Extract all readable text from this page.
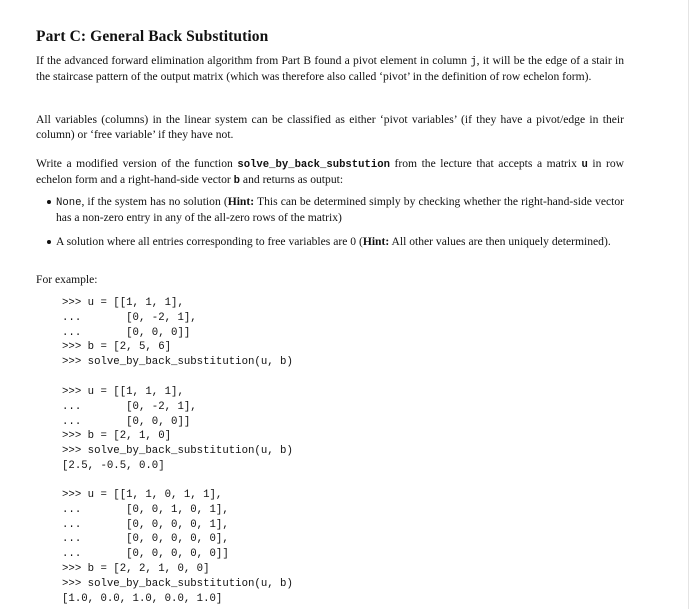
Part C: General Back Substitution

If the advanced forward elimination algorithm from Part B found a pivot element in column j, it will be the edge of a stair in the staircase pattern of the output matrix (which was therefore also called ‘pivot’ in the definition of row echelon form).

All variables (columns) in the linear system can be classified as either ‘pivot variables’ (if they have a pivot/edge in their column) or ‘free variable’ if they have not.

Write a modified version of the function solve_by_back_substution from the lecture that accepts a matrix u in row echelon form and a right-hand-side vector b and returns as output:

None, if the system has no solution (Hint: This can be determined simply by checking whether the right-hand-side vector has a non-zero entry in any of the all-zero rows of the matrix)
A solution where all entries corresponding to free variables are 0 (Hint: All other values are then uniquely determined).

For example:

>>> u = [[1, 1, 1],
...       [0, -2, 1],
...       [0, 0, 0]]
>>> b = [2, 5, 6]
>>> solve_by_back_substitution(u, b)
>>> u = [[1, 1, 1],
...       [0, -2, 1],
...       [0, 0, 0]]
>>> b = [2, 1, 0]
>>> solve_by_back_substitution(u, b)
[2.5, -0.5, 0.0]
>>> u = [[1, 1, 0, 1, 1],
...       [0, 0, 1, 0, 1],
...       [0, 0, 0, 0, 1],
...       [0, 0, 0, 0, 0],
...       [0, 0, 0, 0, 0]]
>>> b = [2, 2, 1, 0, 0]
>>> solve_by_back_substitution(u, b)
[1.0, 0.0, 1.0, 0.0, 1.0]
